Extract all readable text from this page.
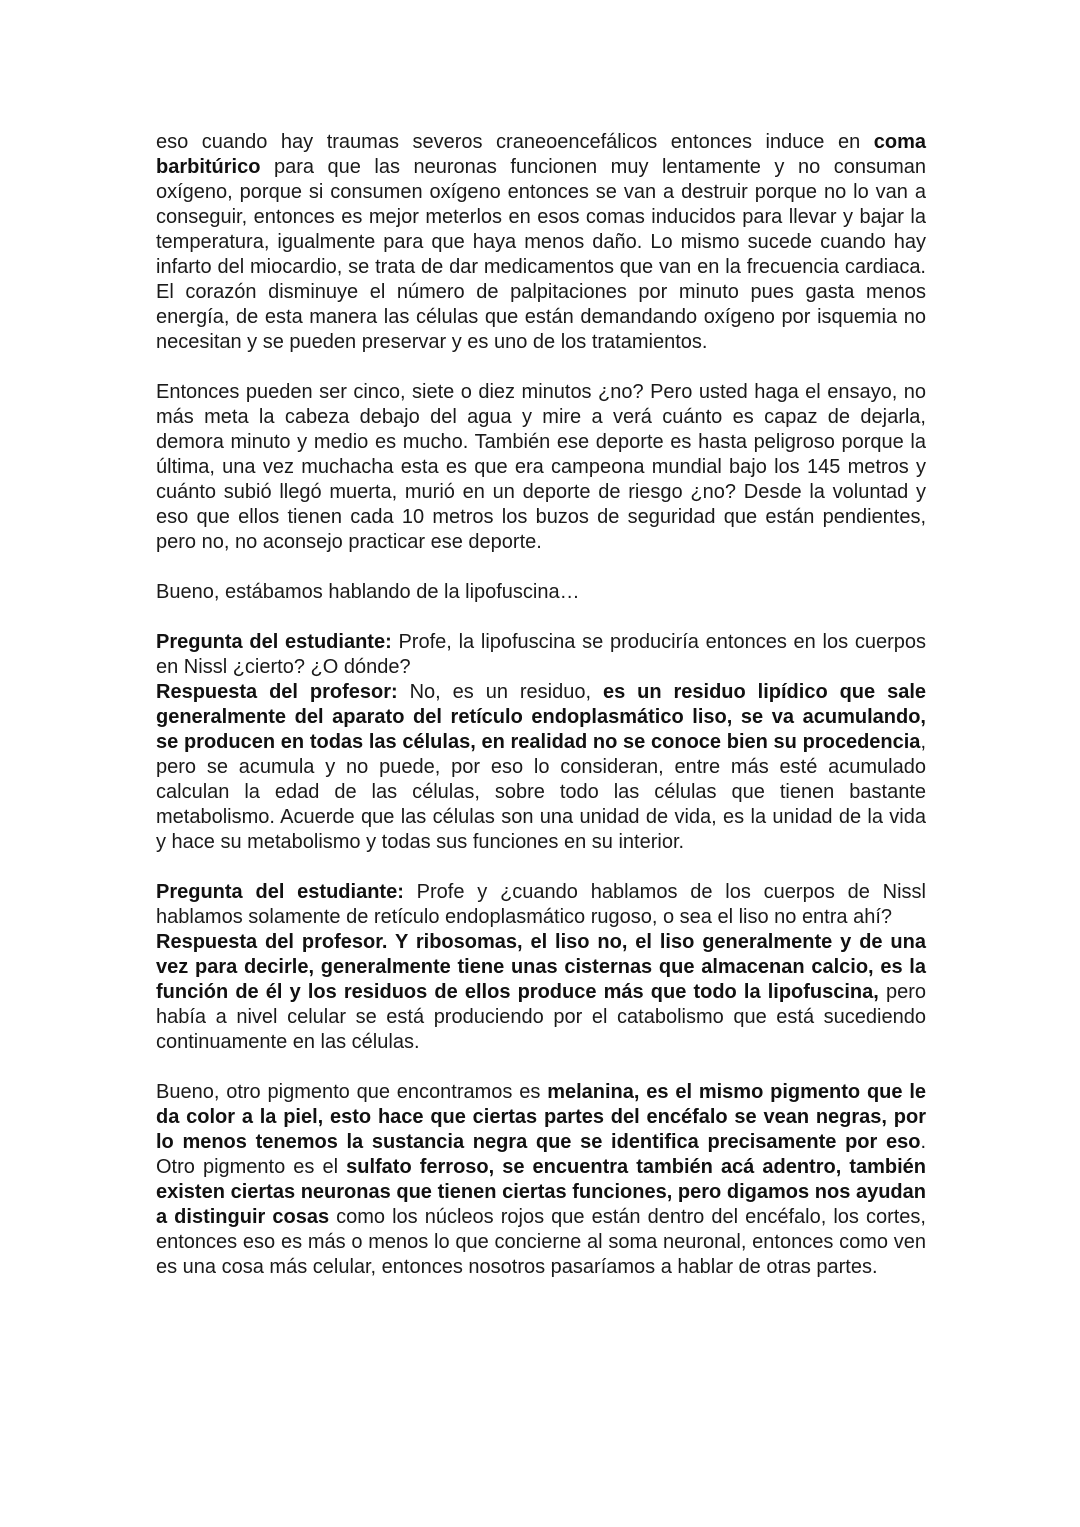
eso cuando hay traumas severos craneoencefálicos entonces induce en coma barbitúrico para que las neuronas funcionen muy lentamente y no consuman oxígeno, porque si consumen oxígeno entonces se van a destruir porque no lo van a conseguir, entonces es mejor meterlos en esos comas inducidos para llevar y bajar la temperatura, igualmente para que haya menos daño. Lo mismo sucede cuando hay infarto del miocardio, se trata de dar medicamentos que van en la frecuencia cardiaca. El corazón disminuye el número de palpitaciones por minuto pues gasta menos energía, de esta manera las células que están demandando oxígeno por isquemia no necesitan y se pueden preservar y es uno de los tratamientos.

Entonces pueden ser cinco, siete o diez minutos ¿no? Pero usted haga el ensayo, no más meta la cabeza debajo del agua y mire a verá cuánto es capaz de dejarla, demora minuto y medio es mucho. También ese deporte es hasta peligroso porque la última, una vez muchacha esta es que era campeona mundial bajo los 145 metros y cuánto subió llegó muerta, murió en un deporte de riesgo ¿no? Desde la voluntad y eso que ellos tienen cada 10 metros los buzos de seguridad que están pendientes, pero no, no aconsejo practicar ese deporte.

Bueno, estábamos hablando de la lipofuscina…

Pregunta del estudiante: Profe, la lipofuscina se produciría entonces en los cuerpos en Nissl ¿cierto? ¿O dónde?

Respuesta del profesor: No, es un residuo, es un residuo lipídico que sale generalmente del aparato del retículo endoplasmático liso, se va acumulando, se producen en todas las células, en realidad no se conoce bien su procedencia, pero se acumula y no puede, por eso lo consideran, entre más esté acumulado calculan la edad de las células, sobre todo las células que tienen bastante metabolismo. Acuerde que las células son una unidad de vida, es la unidad de la vida y hace su metabolismo y todas sus funciones en su interior.

Pregunta del estudiante: Profe y ¿cuando hablamos de los cuerpos de Nissl hablamos solamente de retículo endoplasmático rugoso, o sea el liso no entra ahí?

Respuesta del profesor. Y ribosomas, el liso no, el liso generalmente y de una vez para decirle, generalmente tiene unas cisternas que almacenan calcio, es la función de él y los residuos de ellos produce más que todo la lipofuscina, pero había a nivel celular se está produciendo por el catabolismo que está sucediendo continuamente en las células.

Bueno, otro pigmento que encontramos es melanina, es el mismo pigmento que le da color a la piel, esto hace que ciertas partes del encéfalo se vean negras, por lo menos tenemos la sustancia negra que se identifica precisamente por eso. Otro pigmento es el sulfato ferroso, se encuentra también acá adentro, también existen ciertas neuronas que tienen ciertas funciones, pero digamos nos ayudan a distinguir cosas como los núcleos rojos que están dentro del encéfalo, los cortes, entonces eso es más o menos lo que concierne al soma neuronal, entonces como ven es una cosa más celular, entonces nosotros pasaríamos a hablar de otras partes.
